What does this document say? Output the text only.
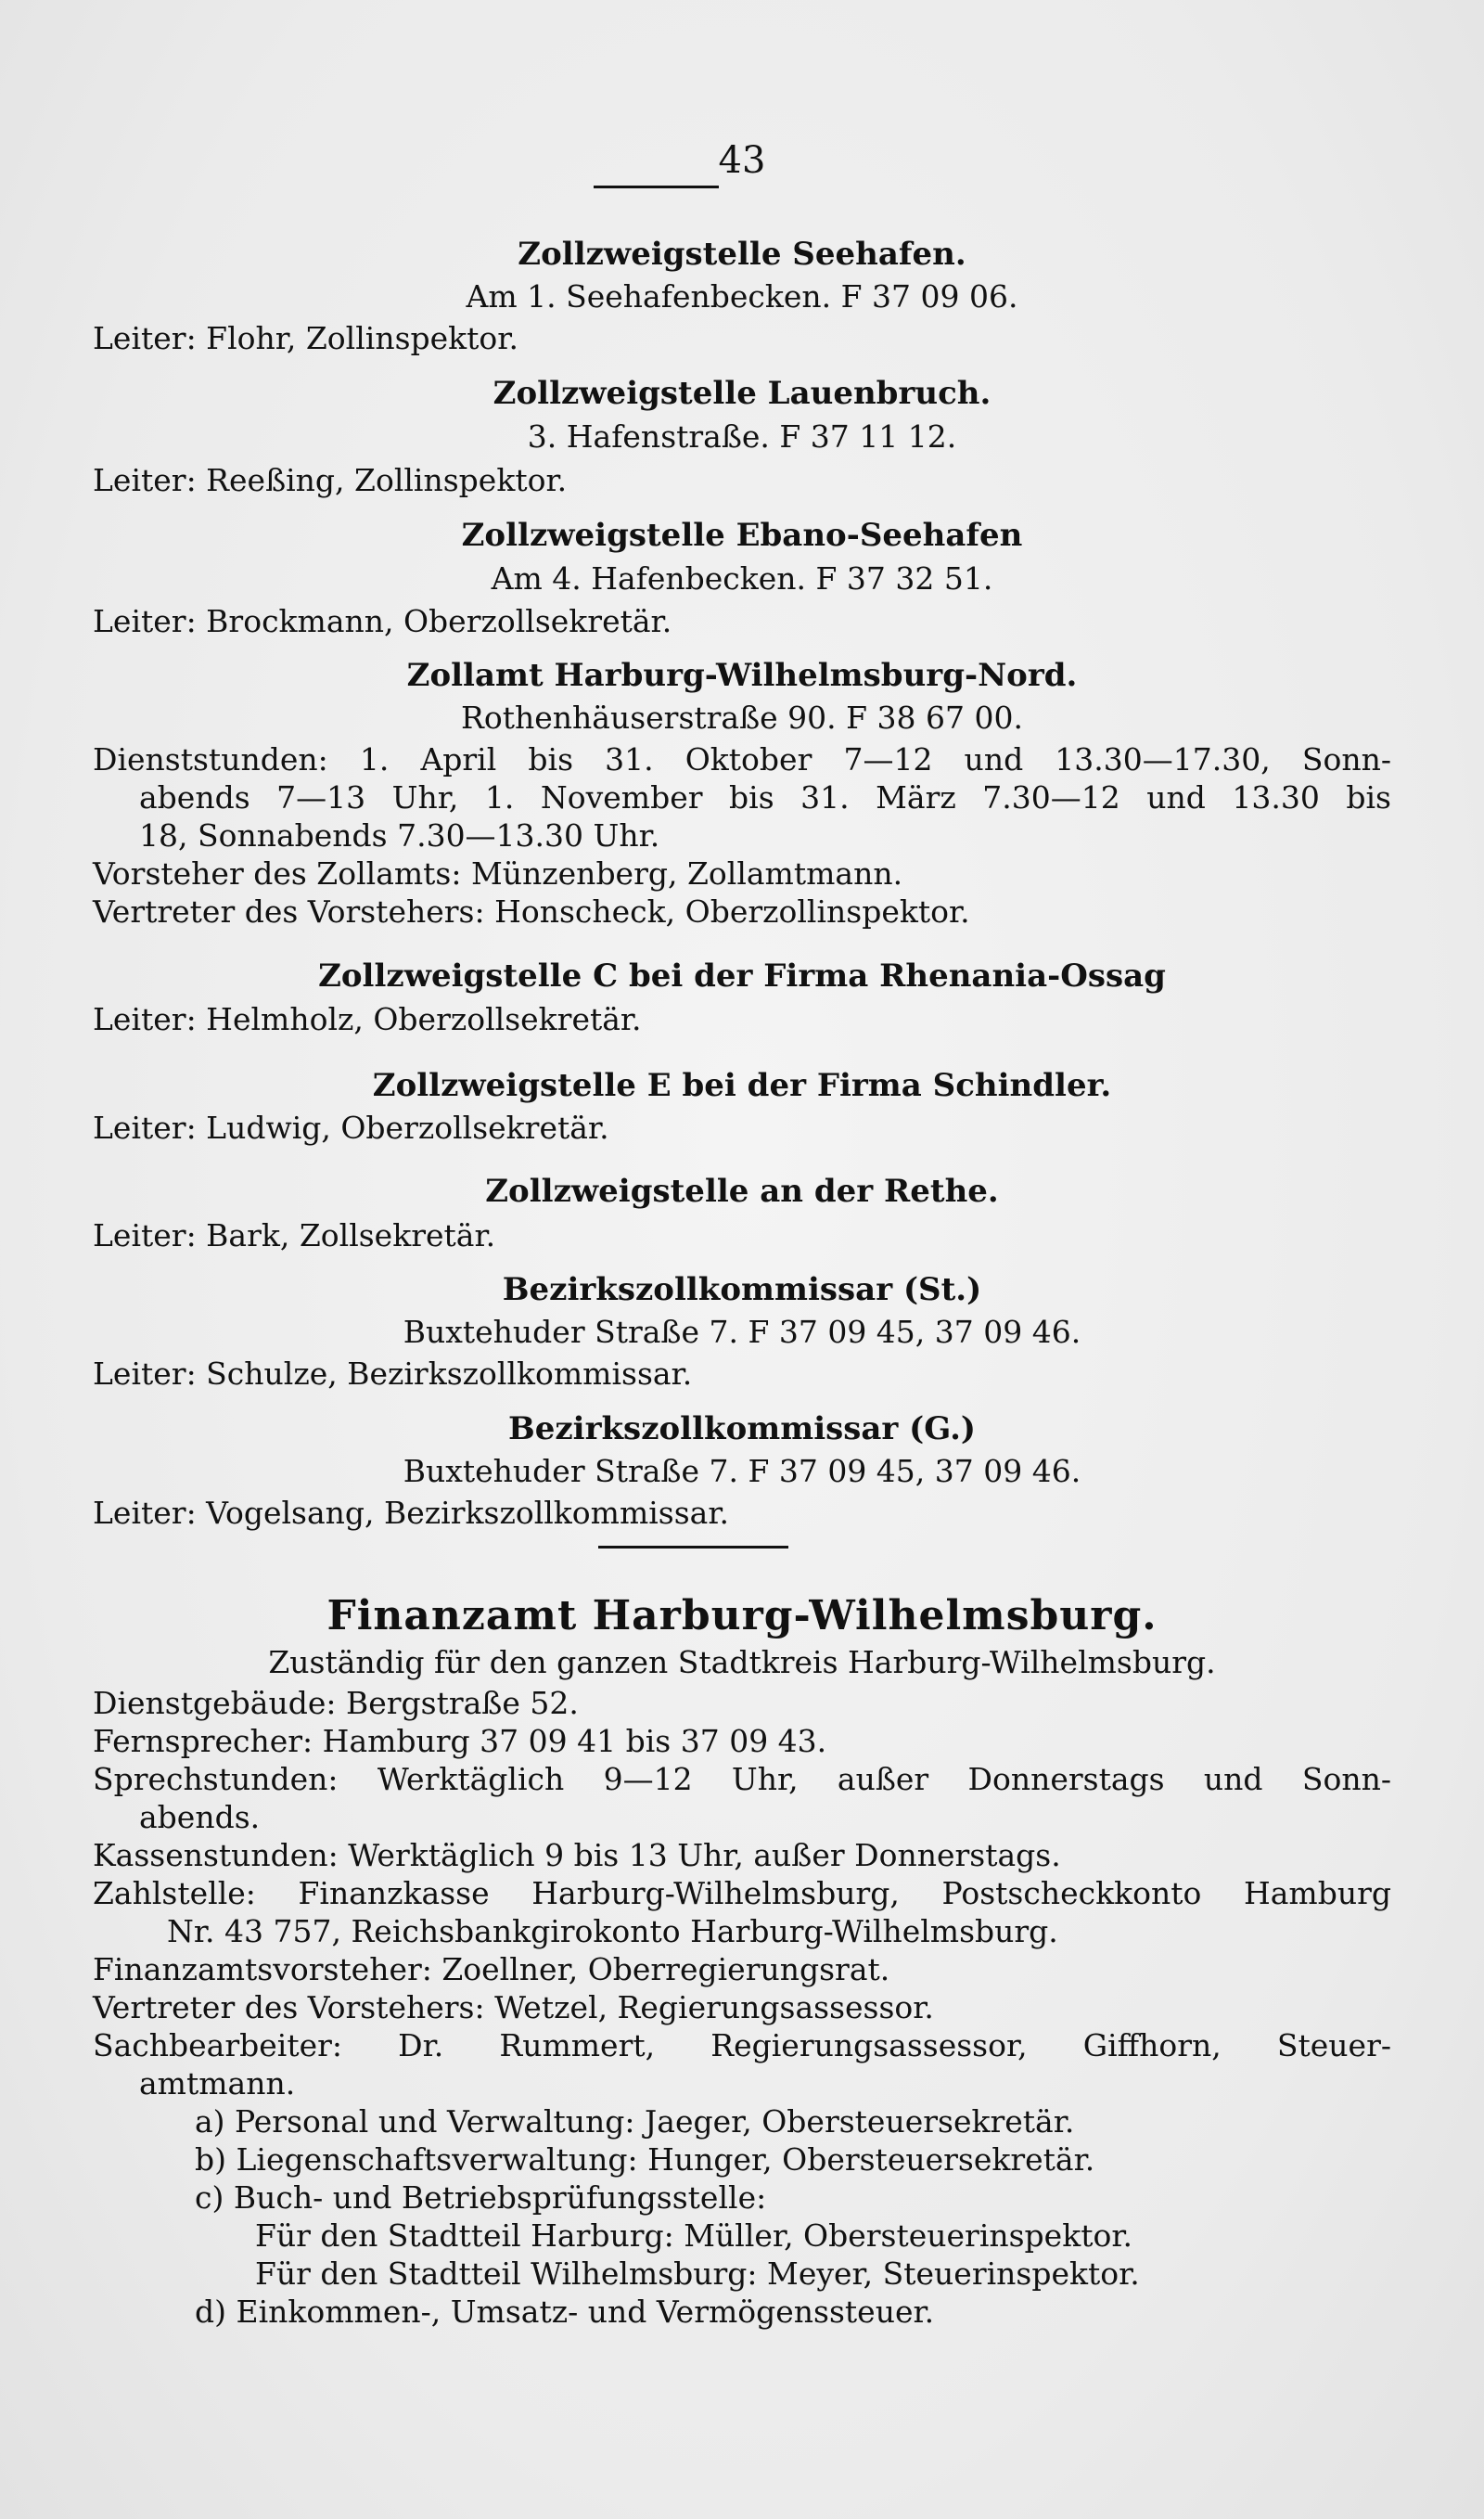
43
Zollzweigstelle Seehafen.
Am 1. Seehafenbecken. F 37 09 06.
Leiter: Flohr, Zollinspektor.
Zollzweigstelle Lauenbruch.
3. Hafenstraße. F 37 11 12.
Leiter: Reeßing, Zollinspektor.
Zollzweigstelle Ebano-Seehafen
Am 4. Hafenbecken. F 37 32 51.
Leiter: Brockmann, Oberzollsekretär.
Zollamt Harburg-Wilhelmsburg-Nord.
Rothenhäuserstraße 90. F 38 67 00.
Dienststunden: 1. April bis 31. Oktober 7—12 und 13.30—17.30, Sonn-
abends 7—13 Uhr, 1. November bis 31. März 7.30—12 und 13.30 bis
18, Sonnabends 7.30—13.30 Uhr.
Vorsteher des Zollamts: Münzenberg, Zollamtmann.
Vertreter des Vorstehers: Honscheck, Oberzollinspektor.
Zollzweigstelle C bei der Firma Rhenania-Ossag
Leiter: Helmholz, Oberzollsekretär.
Zollzweigstelle E bei der Firma Schindler.
Leiter: Ludwig, Oberzollsekretär.
Zollzweigstelle an der Rethe.
Leiter: Bark, Zollsekretär.
Bezirkszollkommissar (St.)
Buxtehuder Straße 7. F 37 09 45, 37 09 46.
Leiter: Schulze, Bezirkszollkommissar.
Bezirkszollkommissar (G.)
Buxtehuder Straße 7. F 37 09 45, 37 09 46.
Leiter: Vogelsang, Bezirkszollkommissar.
Finanzamt Harburg-Wilhelmsburg.
Zuständig für den ganzen Stadtkreis Harburg-Wilhelmsburg.
Dienstgebäude: Bergstraße 52.
Fernsprecher: Hamburg 37 09 41 bis 37 09 43.
Sprechstunden: Werktäglich 9—12 Uhr, außer Donnerstags und Sonn-
abends.
Kassenstunden: Werktäglich 9 bis 13 Uhr, außer Donnerstags.
Zahlstelle: Finanzkasse Harburg-Wilhelmsburg, Postscheckkonto Hamburg
Nr. 43 757, Reichsbankgirokonto Harburg-Wilhelmsburg.
Finanzamtsvorsteher: Zoellner, Oberregierungsrat.
Vertreter des Vorstehers: Wetzel, Regierungsassessor.
Sachbearbeiter: Dr. Rummert, Regierungsassessor, Giffhorn, Steuer-
amtmann.
a) Personal und Verwaltung: Jaeger, Obersteuersekretär.
b) Liegenschaftsverwaltung: Hunger, Obersteuersekretär.
c) Buch- und Betriebsprüfungsstelle:
Für den Stadtteil Harburg: Müller, Obersteuerinspektor.
Für den Stadtteil Wilhelmsburg: Meyer, Steuerinspektor.
d) Einkommen-, Umsatz- und Vermögenssteuer.
